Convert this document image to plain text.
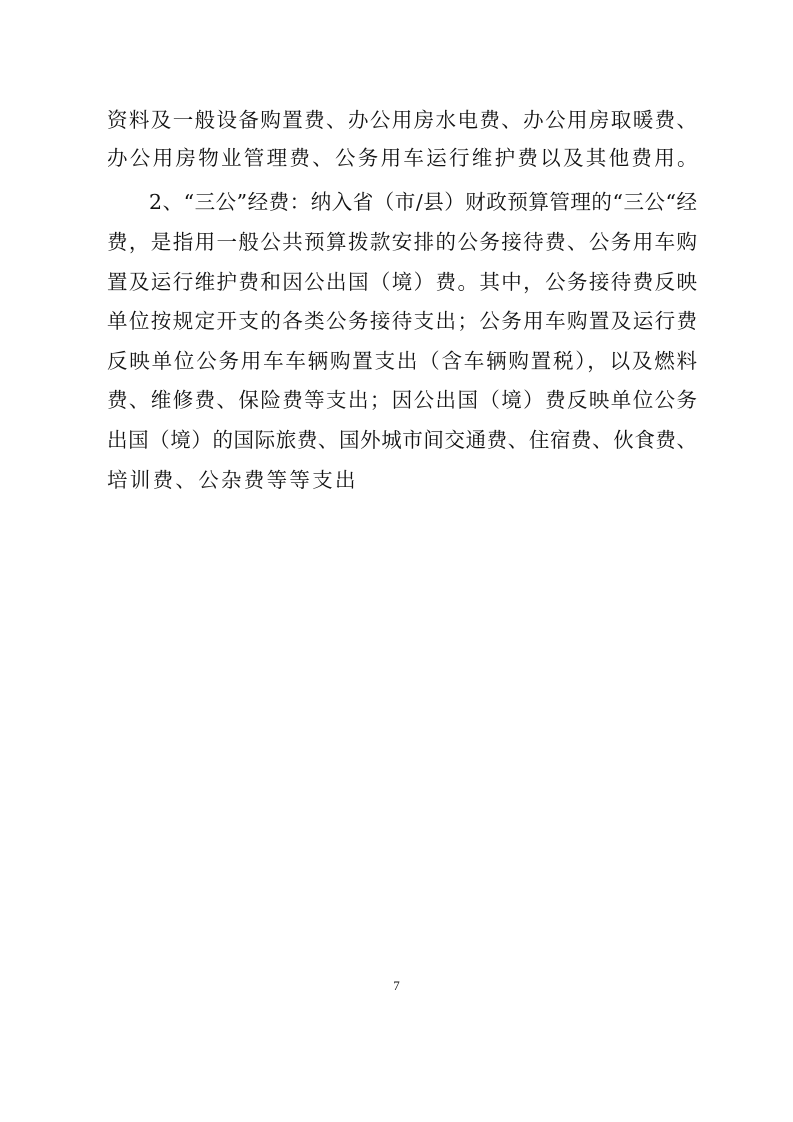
资料及一般设备购置费、办公用房水电费、办公用房取暖费、
办公用房物业管理费、公务用车运行维护费以及其他费用。
2、“三公”经费：纳入省（市/县）财政预算管理的“三公“经
费，是指用一般公共预算拨款安排的公务接待费、公务用车购
置及运行维护费和因公出国（境）费。其中，公务接待费反映
单位按规定开支的各类公务接待支出；公务用车购置及运行费
反映单位公务用车车辆购置支出（含车辆购置税），以及燃料
费、维修费、保险费等支出；因公出国（境）费反映单位公务
出国（境）的国际旅费、国外城市间交通费、住宿费、伙食费、
培训费、公杂费等等支出
7
